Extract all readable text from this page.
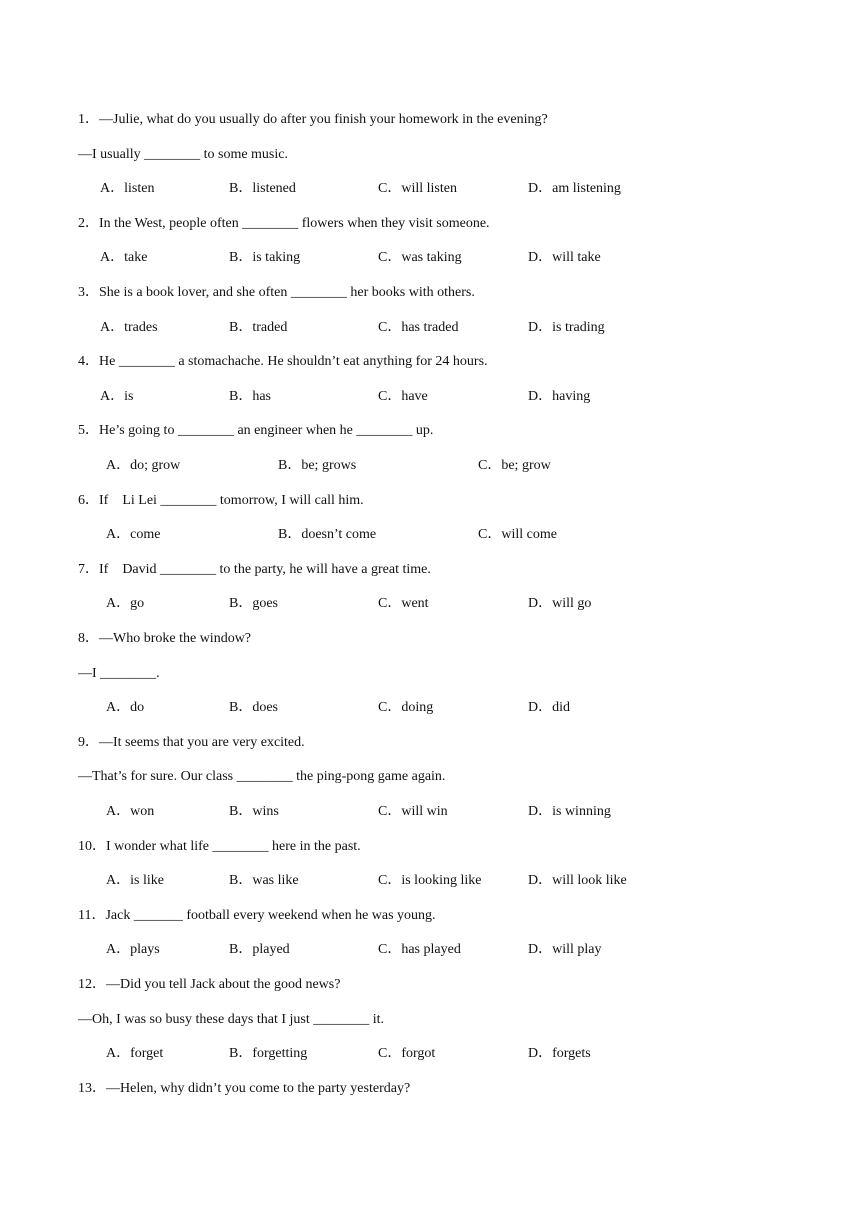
1．—Julie, what do you usually do after you finish your homework in the evening?
—I usually ________ to some music.
A．listen	B．listened	C．will listen	D．am listening
2．In the West, people often ________ flowers when they visit someone.
A．take	B．is taking	C．was taking	D．will take
3．She is a book lover, and she often ________ her books with others.
A．trades	B．traded	C．has traded	D．is trading
4．He ________ a stomachache. He shouldn’t eat anything for 24 hours.
A．is	B．has	C．have	D．having
5．He’s going to ________ an engineer when he ________ up.
A．do; grow	B．be; grows	C．be; grow
6．If    Li Lei ________ tomorrow, I will call him.
A．come	B．doesn’t come	C．will come
7．If    David ________ to the party, he will have a great time.
A．go	B．goes	C．went	D．will go
8．—Who broke the window?
—I ________.
A．do	B．does	C．doing	D．did
9．—It seems that you are very excited.
—That’s for sure. Our class ________ the ping-pong game again.
A．won	B．wins	C．will win	D．is winning
10．I wonder what life ________ here in the past.
A．is like	B．was like	C．is looking like	D．will look like
11．Jack _______ football every weekend when he was young.
A．plays	B．played	C．has played	D．will play
12．—Did you tell Jack about the good news?
—Oh, I was so busy these days that I just ________ it.
A．forget	B．forgetting	C．forgot	D．forgets
13．—Helen, why didn’t you come to the party yesterday?
